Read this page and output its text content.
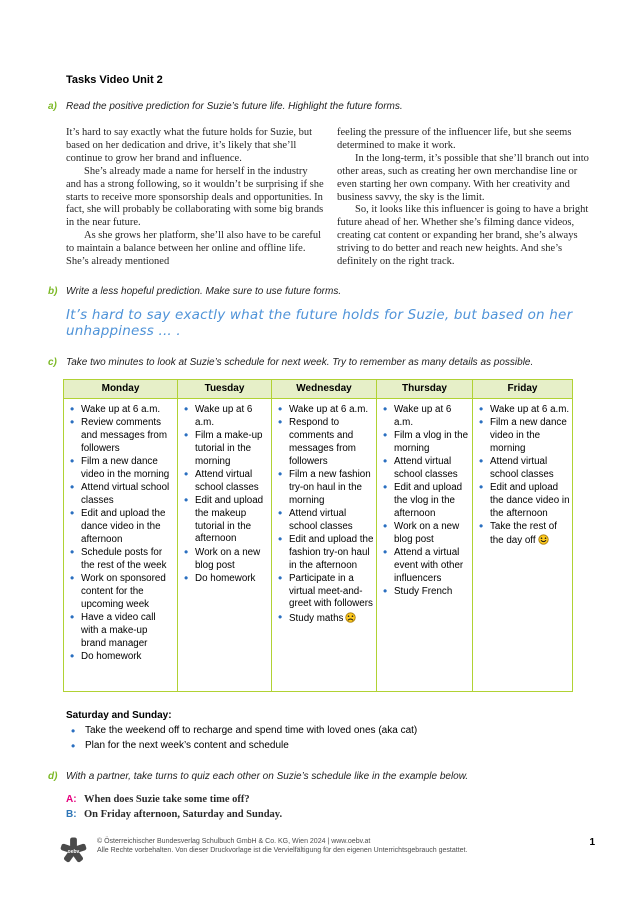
Tasks Video Unit 2
a) Read the positive prediction for Suzie’s future life. Highlight the future forms.

It’s hard to say exactly what the future holds for Suzie, but based on her dedication and drive, it’s likely that she’ll continue to grow her brand and influence.

She’s already made a name for herself in the industry and has a strong following, so it wouldn’t be surprising if she starts to receive more sponsorship deals and opportunities. In fact, she will probably be collaborating with some big brands in the near future.

As she grows her platform, she’ll also have to be careful to maintain a balance between her online and offline life. She’s already mentioned

feeling the pressure of the influencer life, but she seems determined to make it work.

In the long-term, it’s possible that she’ll branch out into other areas, such as creating her own merchandise line or even starting her own company. With her creativity and business savvy, the sky is the limit.

So, it looks like this influencer is going to have a bright future ahead of her. Whether she’s filming dance videos, creating cat content or expanding her brand, she’s always striving to do better and reach new heights. And she’s definitely on the right track.

b) Write a less hopeful prediction. Make sure to use future forms.
It’s hard to say exactly what the future holds for Suzie, but based on her unhappiness ... .
c) Take two minutes to look at Suzie’s schedule for next week. Try to remember as many details as possible.
Monday	Tuesday	Wednesday	Thursday	Friday

• Wake up at 6 a.m.
• Review comments and messages from followers
• Film a new dance video in the morning
• Attend virtual school classes
• Edit and upload the dance video in the afternoon
• Schedule posts for the rest of the week
• Work on sponsored content for the upcoming week
• Have a video call with a make-up brand manager
• Do homework

• Wake up at 6 a.m.
• Film a make-up tutorial in the morning
• Attend virtual school classes
• Edit and upload the makeup tutorial in the afternoon
• Work on a new blog post
• Do homework

• Wake up at 6 a.m.
• Respond to comments and messages from followers
• Film a new fashion try-on haul in the morning
• Attend virtual school classes
• Edit and upload the fashion try-on haul in the afternoon
• Participate in a virtual meet-and-greet with followers
• Study maths

• Wake up at 6 a.m.
• Film a vlog in the morning
• Attend virtual school classes
• Edit and upload the vlog in the afternoon
• Work on a new blog post
• Attend a virtual event with other influencers
• Study French

• Wake up at 6 a.m.
• Film a new dance video in the morning
• Attend virtual school classes
• Edit and upload the dance video in the afternoon
• Take the rest of the day off
Saturday and Sunday:
• Take the weekend off to recharge and spend time with loved ones (aka cat)
• Plan for the next week’s content and schedule
d) With a partner, take turns to quiz each other on Suzie’s schedule like in the example below.
A: When does Suzie take some time off?
B: On Friday afternoon, Saturday and Sunday.
oebv
© Österreichischer Bundesverlag Schulbuch GmbH & Co. KG, Wien 2024 | www.oebv.at
Alle Rechte vorbehalten. Von dieser Druckvorlage ist die Vervielfältigung für den eigenen Unterrichtsgebrauch gestattet.
1
